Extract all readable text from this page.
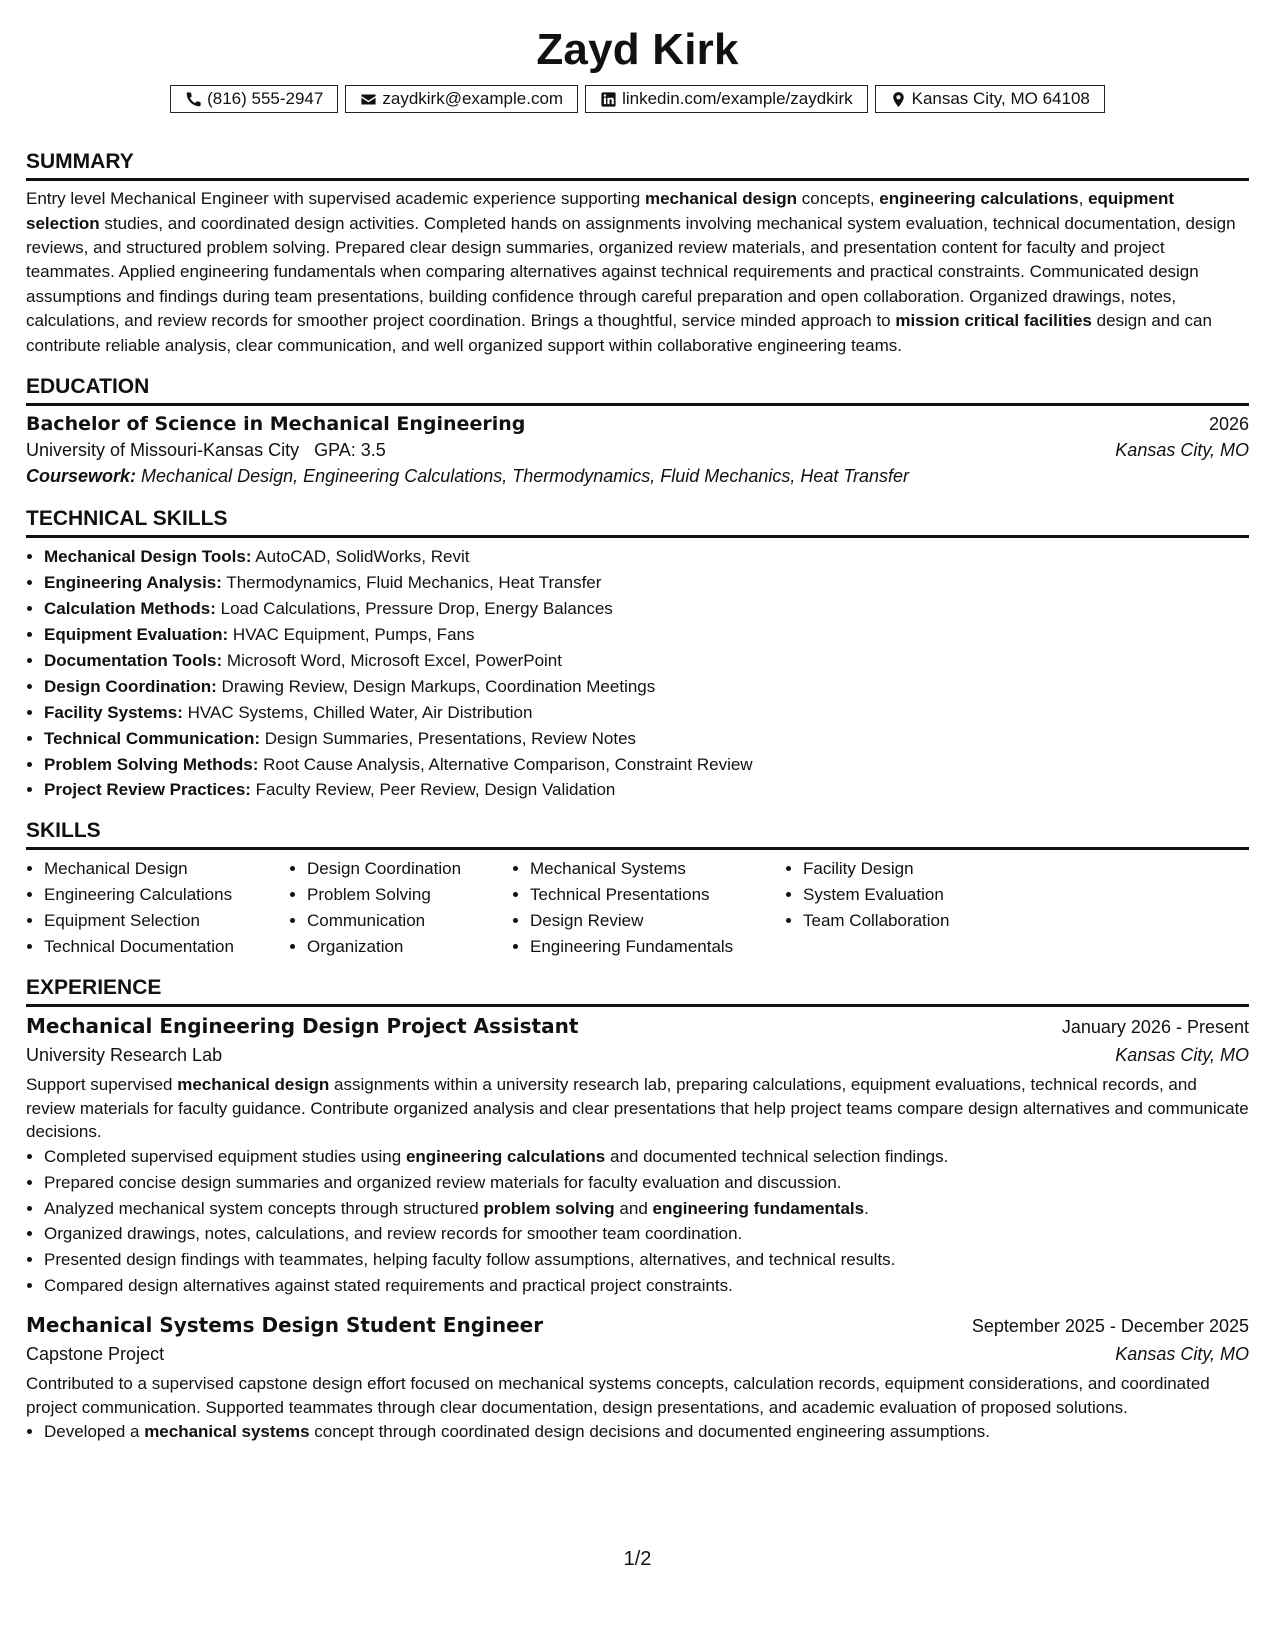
Zayd Kirk
(816) 555-2947	zaydkirk@example.com	linkedin.com/example/zaydkirk	Kansas City, MO 64108
SUMMARY

Entry level Mechanical Engineer with supervised academic experience supporting mechanical design concepts, engineering calculations, equipment selection studies, and coordinated design activities. Completed hands on assignments involving mechanical system evaluation, technical documentation, design reviews, and structured problem solving. Prepared clear design summaries, organized review materials, and presentation content for faculty and project teammates. Applied engineering fundamentals when comparing alternatives against technical requirements and practical constraints. Communicated design assumptions and findings during team presentations, building confidence through careful preparation and open collaboration. Organized drawings, notes, calculations, and review records for smoother project coordination. Brings a thoughtful, service minded approach to mission critical facilities design and can contribute reliable analysis, clear communication, and well organized support within collaborative engineering teams.

EDUCATION
Bachelor of Science in Mechanical Engineering	2026
University of Missouri-Kansas City GPA: 3.5	Kansas City, MO
Coursework: Mechanical Design, Engineering Calculations, Thermodynamics, Fluid Mechanics, Heat Transfer
TECHNICAL SKILLS
• Mechanical Design Tools: AutoCAD, SolidWorks, Revit
• Engineering Analysis: Thermodynamics, Fluid Mechanics, Heat Transfer
• Calculation Methods: Load Calculations, Pressure Drop, Energy Balances
• Equipment Evaluation: HVAC Equipment, Pumps, Fans
• Documentation Tools: Microsoft Word, Microsoft Excel, PowerPoint
• Design Coordination: Drawing Review, Design Markups, Coordination Meetings
• Facility Systems: HVAC Systems, Chilled Water, Air Distribution
• Technical Communication: Design Summaries, Presentations, Review Notes
• Problem Solving Methods: Root Cause Analysis, Alternative Comparison, Constraint Review
• Project Review Practices: Faculty Review, Peer Review, Design Validation
SKILLS
• Mechanical Design
• Engineering Calculations
• Equipment Selection
• Technical Documentation
• Design Coordination
• Problem Solving
• Communication
• Organization
• Mechanical Systems
• Technical Presentations
• Design Review
• Engineering Fundamentals
• Facility Design
• System Evaluation
• Team Collaboration
EXPERIENCE
Mechanical Engineering Design Project Assistant	January 2026 - Present
University Research Lab	Kansas City, MO

Support supervised mechanical design assignments within a university research lab, preparing calculations, equipment evaluations, technical records, and review materials for faculty guidance. Contribute organized analysis and clear presentations that help project teams compare design alternatives and communicate decisions.

• Completed supervised equipment studies using engineering calculations and documented technical selection findings.
• Prepared concise design summaries and organized review materials for faculty evaluation and discussion.
• Analyzed mechanical system concepts through structured problem solving and engineering fundamentals.
• Organized drawings, notes, calculations, and review records for smoother team coordination.
• Presented design findings with teammates, helping faculty follow assumptions, alternatives, and technical results.
• Compared design alternatives against stated requirements and practical project constraints.
Mechanical Systems Design Student Engineer	September 2025 - December 2025
Capstone Project	Kansas City, MO

Contributed to a supervised capstone design effort focused on mechanical systems concepts, calculation records, equipment considerations, and coordinated project communication. Supported teammates through clear documentation, design presentations, and academic evaluation of proposed solutions.

• Developed a mechanical systems concept through coordinated design decisions and documented engineering assumptions.
1/2
